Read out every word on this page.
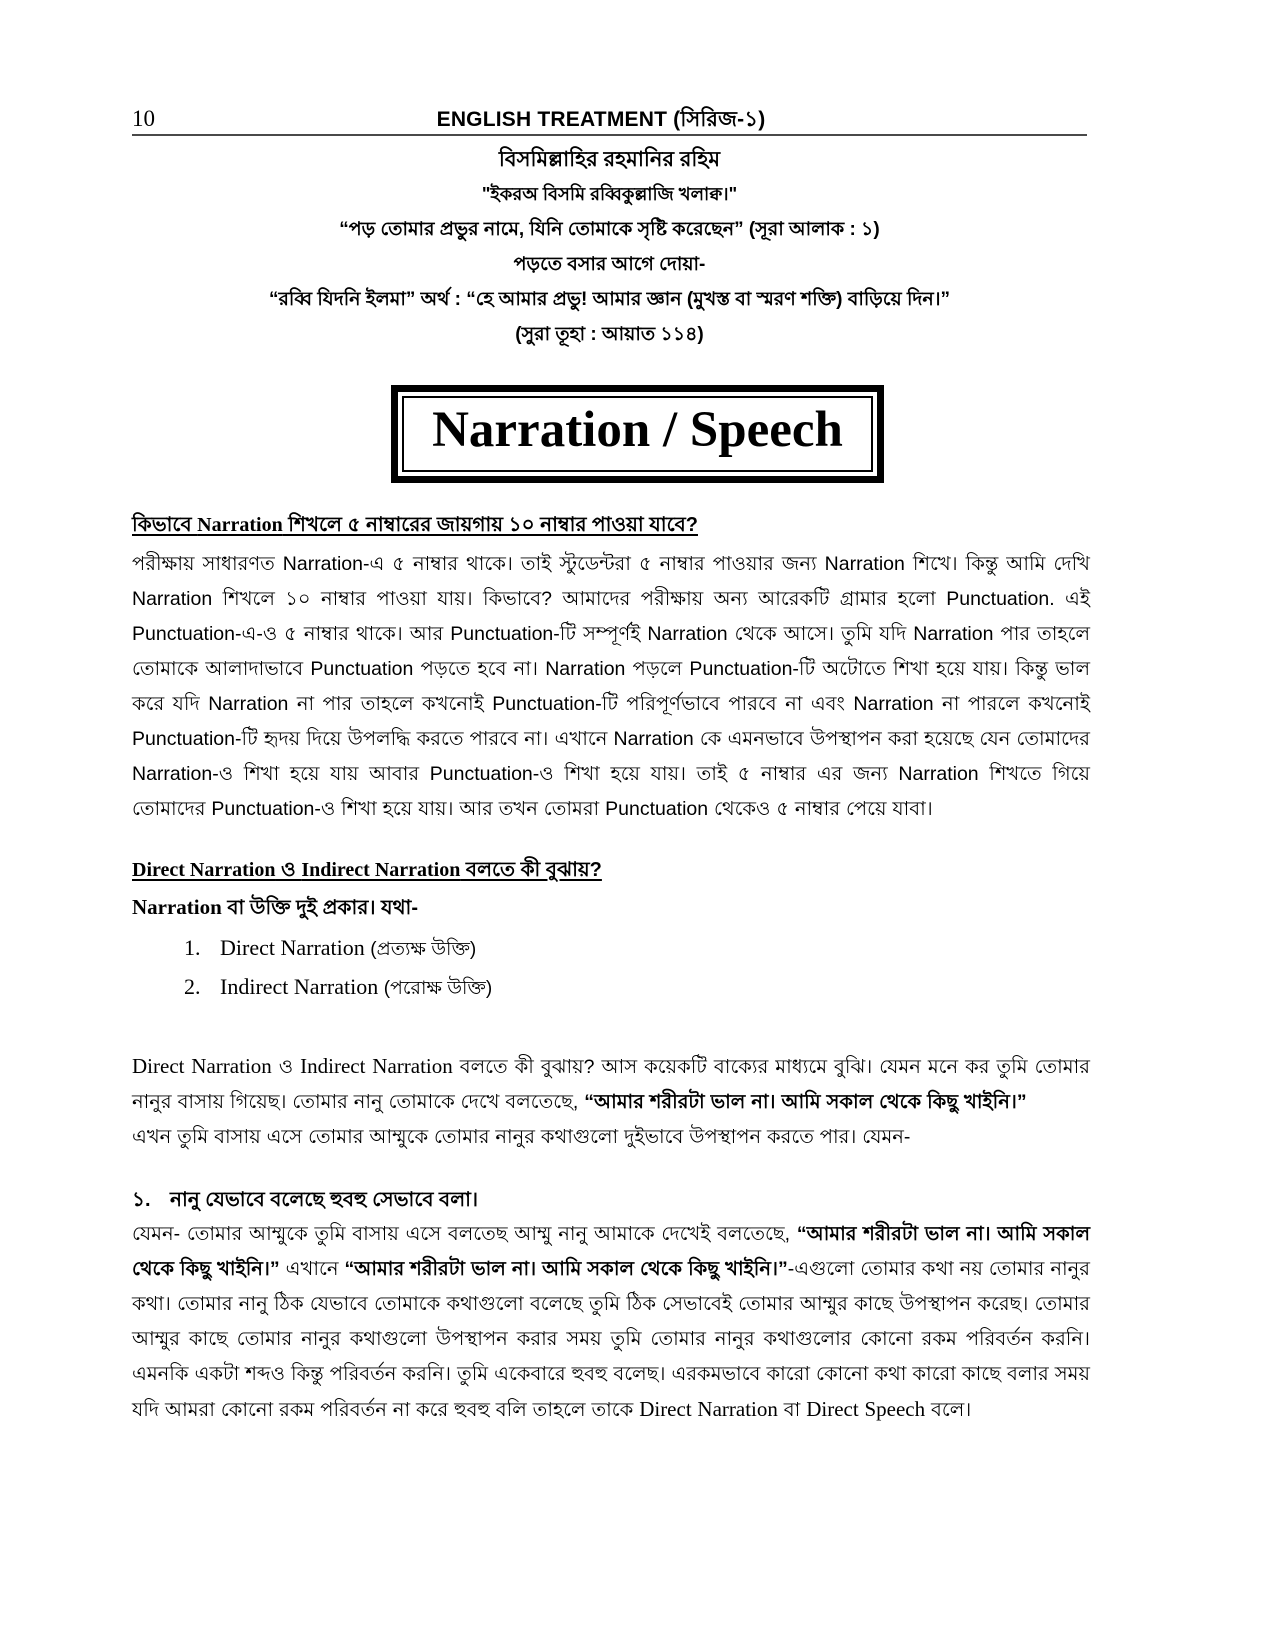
10	ENGLISH TREATMENT (সিরিজ-১)
বিসমিল্লাহির রহমানির রহিম
"ইকরঅ বিসমি রব্বিকুল্লাজি খলাক্ব।"
“পড় তোমার প্রভুর নামে, যিনি তোমাকে সৃষ্টি করেছেন” (সূরা আলাক : ১)
পড়তে বসার আগে দোয়া-
“রব্বি যিদনি ইলমা” অর্থ : “হে আমার প্রভু! আমার জ্ঞান (মুখস্ত বা স্মরণ শক্তি) বাড়িয়ে দিন।”
(সুরা তূহা : আয়াত ১১৪)
Narration / Speech
কিভাবে Narration শিখলে ৫ নাম্বারের জায়গায় ১০ নাম্বার পাওয়া যাবে?

পরীক্ষায় সাধারণত Narration-এ ৫ নাম্বার থাকে। তাই স্টুডেন্টরা ৫ নাম্বার পাওয়ার জন্য Narration শিখে। কিন্তু আমি দেখি Narration শিখলে ১০ নাম্বার পাওয়া যায়। কিভাবে? আমাদের পরীক্ষায় অন্য আরেকটি গ্রামার হলো Punctuation. এই Punctuation-এ-ও ৫ নাম্বার থাকে। আর Punctuation-টি সম্পূর্ণই Narration থেকে আসে। তুমি যদি Narration পার তাহলে তোমাকে আলাদাভাবে Punctuation পড়তে হবে না। Narration পড়লে Punctuation-টি অটোতে শিখা হয়ে যায়। কিন্তু ভাল করে যদি Narration না পার তাহলে কখনোই Punctuation-টি পরিপূর্ণভাবে পারবে না এবং Narration না পারলে কখনোই Punctuation-টি হৃদয় দিয়ে উপলদ্ধি করতে পারবে না। এখানে Narration কে এমনভাবে উপস্থাপন করা হয়েছে যেন তোমাদের Narration-ও শিখা হয়ে যায় আবার Punctuation-ও শিখা হয়ে যায়। তাই ৫ নাম্বার এর জন্য Narration শিখতে গিয়ে তোমাদের Punctuation-ও শিখা হয়ে যায়। আর তখন তোমরা Punctuation থেকেও ৫ নাম্বার পেয়ে যাবা।

Direct Narration ও Indirect Narration বলতে কী বুঝায়?
Narration বা উক্তি দুই প্রকার। যথা-
1. Direct Narration (প্রত্যক্ষ উক্তি)
2. Indirect Narration (পরোক্ষ উক্তি)

Direct Narration ও Indirect Narration বলতে কী বুঝায়? আস কয়েকটি বাক্যের মাধ্যমে বুঝি। যেমন মনে কর তুমি তোমার নানুর বাসায় গিয়েছ। তোমার নানু তোমাকে দেখে বলতেছে, “আমার শরীরটা ভাল না। আমি সকাল থেকে কিছু খাইনি।”

এখন তুমি বাসায় এসে তোমার আম্মুকে তোমার নানুর কথাগুলো দুইভাবে উপস্থাপন করতে পার। যেমন-

১. নানু যেভাবে বলেছে হুবহু সেভাবে বলা।

যেমন- তোমার আম্মুকে তুমি বাসায় এসে বলতেছ আম্মু নানু আমাকে দেখেই বলতেছে, “আমার শরীরটা ভাল না। আমি সকাল থেকে কিছু খাইনি।” এখানে “আমার শরীরটা ভাল না। আমি সকাল থেকে কিছু খাইনি।”-এগুলো তোমার কথা নয় তোমার নানুর কথা। তোমার নানু ঠিক যেভাবে তোমাকে কথাগুলো বলেছে তুমি ঠিক সেভাবেই তোমার আম্মুর কাছে উপস্থাপন করেছ। তোমার আম্মুর কাছে তোমার নানুর কথাগুলো উপস্থাপন করার সময় তুমি তোমার নানুর কথাগুলোর কোনো রকম পরিবর্তন করনি। এমনকি একটা শব্দও কিন্তু পরিবর্তন করনি। তুমি একেবারে হুবহু বলেছ। এরকমভাবে কারো কোনো কথা কারো কাছে বলার সময় যদি আমরা কোনো রকম পরিবর্তন না করে হুবহু বলি তাহলে তাকে Direct Narration বা Direct Speech বলে।
